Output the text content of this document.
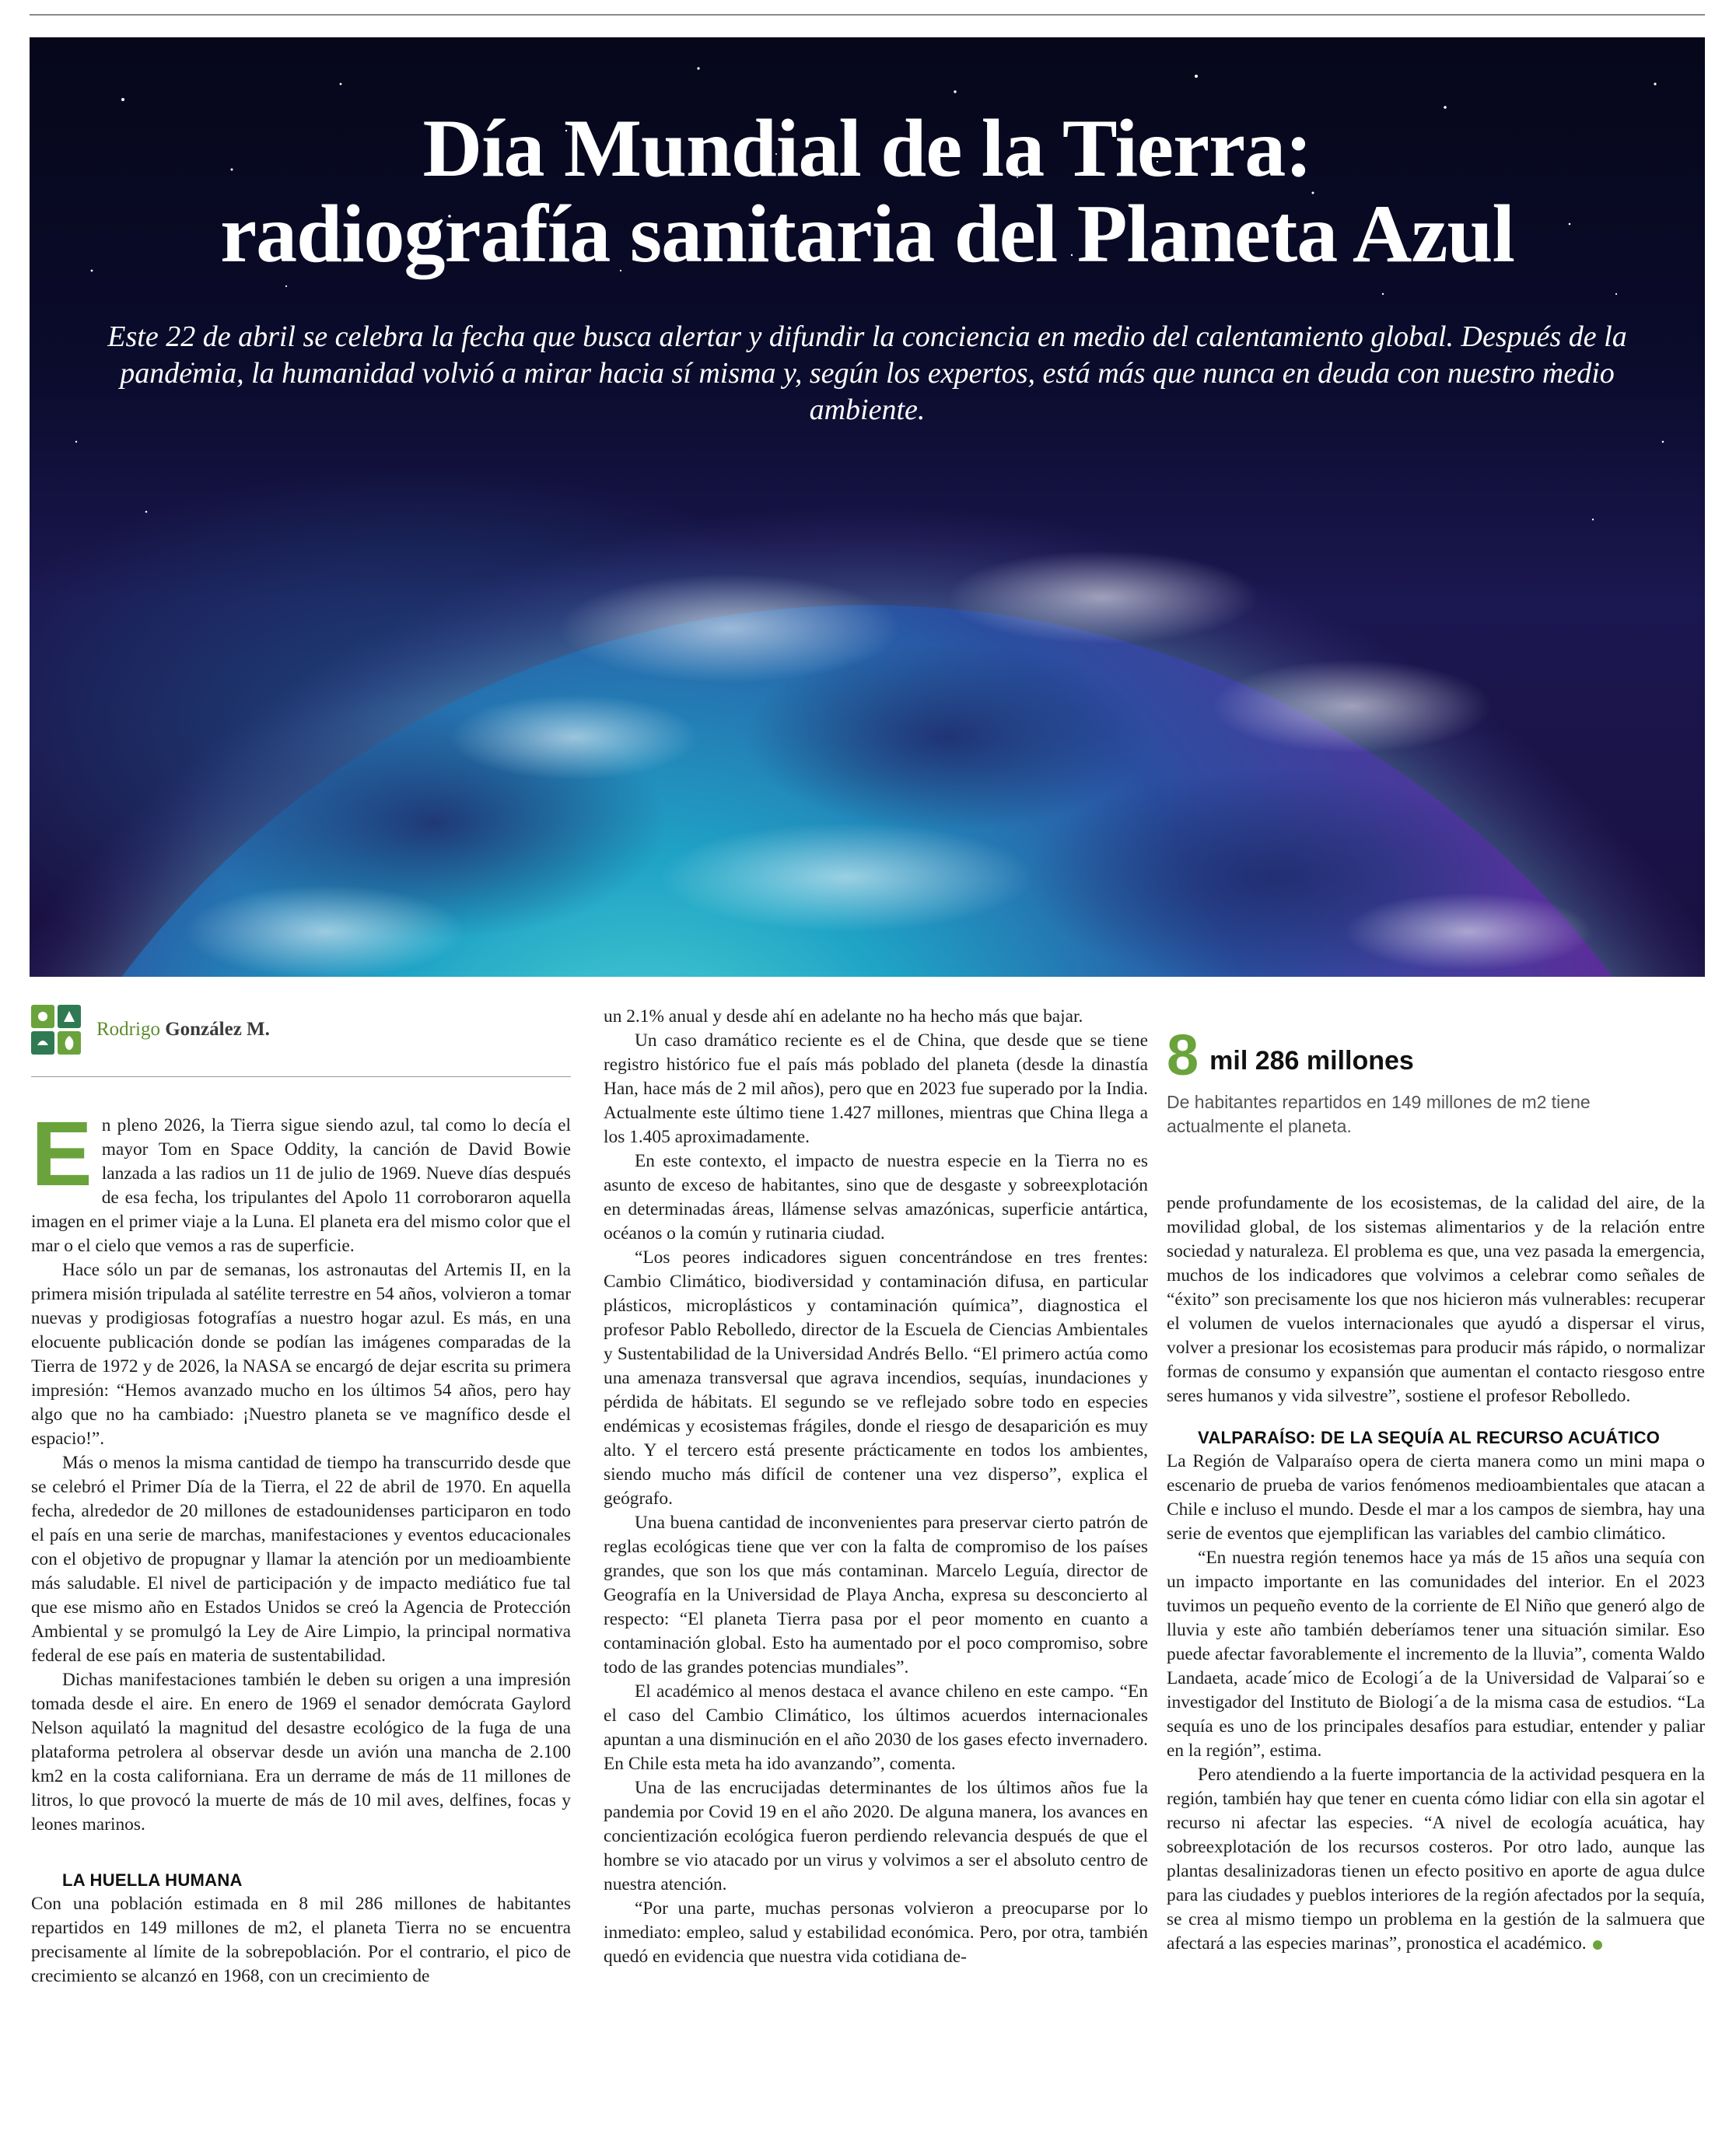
Día Mundial de la Tierra:
radiografía sanitaria del Planeta Azul
Este 22 de abril se celebra la fecha que busca alertar y difundir la conciencia en medio del calentamiento global. Después de la pandemia, la humanidad volvió a mirar hacia sí misma y, según los expertos, está más que nunca en deuda con nuestro medio ambiente.
Rodrigo González M.

En pleno 2026, la Tierra sigue siendo azul, tal como lo decía el mayor Tom en Space Oddity, la canción de David Bowie lanzada a las radios un 11 de julio de 1969. Nueve días después de esa fecha, los tripulantes del Apolo 11 corroboraron aquella imagen en el primer viaje a la Luna. El planeta era del mismo color que el mar o el cielo que vemos a ras de superficie.

Hace sólo un par de semanas, los astronautas del Artemis II, en la primera misión tripulada al satélite terrestre en 54 años, volvieron a tomar nuevas y prodigiosas fotografías a nuestro hogar azul. Es más, en una elocuente publicación donde se podían las imágenes comparadas de la Tierra de 1972 y de 2026, la NASA se encargó de dejar escrita su primera impresión: “Hemos avanzado mucho en los últimos 54 años, pero hay algo que no ha cambiado: ¡Nuestro planeta se ve magnífico desde el espacio!”.

Más o menos la misma cantidad de tiempo ha transcurrido desde que se celebró el Primer Día de la Tierra, el 22 de abril de 1970. En aquella fecha, alrededor de 20 millones de estadounidenses participaron en todo el país en una serie de marchas, manifestaciones y eventos educacionales con el objetivo de propugnar y llamar la atención por un medioambiente más saludable. El nivel de participación y de impacto mediático fue tal que ese mismo año en Estados Unidos se creó la Agencia de Protección Ambiental y se promulgó la Ley de Aire Limpio, la principal normativa federal de ese país en materia de sustentabilidad.

Dichas manifestaciones también le deben su origen a una impresión tomada desde el aire. En enero de 1969 el senador demócrata Gaylord Nelson aquilató la magnitud del desastre ecológico de la fuga de una plataforma petrolera al observar desde un avión una mancha de 2.100 km2 en la costa californiana. Era un derrame de más de 11 millones de litros, lo que provocó la muerte de más de 10 mil aves, delfines, focas y leones marinos.

LA HUELLA HUMANA

Con una población estimada en 8 mil 286 millones de habitantes repartidos en 149 millones de m2, el planeta Tierra no se encuentra precisamente al límite de la sobrepoblación. Por el contrario, el pico de crecimiento se alcanzó en 1968, con un crecimiento de

un 2.1% anual y desde ahí en adelante no ha hecho más que bajar.

Un caso dramático reciente es el de China, que desde que se tiene registro histórico fue el país más poblado del planeta (desde la dinastía Han, hace más de 2 mil años), pero que en 2023 fue superado por la India. Actualmente este último tiene 1.427 millones, mientras que China llega a los 1.405 aproximadamente.

En este contexto, el impacto de nuestra especie en la Tierra no es asunto de exceso de habitantes, sino que de desgaste y sobreexplotación en determinadas áreas, llámense selvas amazónicas, superficie antártica, océanos o la común y rutinaria ciudad.

“Los peores indicadores siguen concentrándose en tres frentes: Cambio Climático, biodiversidad y contaminación difusa, en particular plásticos, microplásticos y contaminación química”, diagnostica el profesor Pablo Rebolledo, director de la Escuela de Ciencias Ambientales y Sustentabilidad de la Universidad Andrés Bello. “El primero actúa como una amenaza transversal que agrava incendios, sequías, inundaciones y pérdida de hábitats. El segundo se ve reflejado sobre todo en especies endémicas y ecosistemas frágiles, donde el riesgo de desaparición es muy alto. Y el tercero está presente prácticamente en todos los ambientes, siendo mucho más difícil de contener una vez disperso”, explica el geógrafo.

Una buena cantidad de inconvenientes para preservar cierto patrón de reglas ecológicas tiene que ver con la falta de compromiso de los países grandes, que son los que más contaminan. Marcelo Leguía, director de Geografía en la Universidad de Playa Ancha, expresa su desconcierto al respecto: “El planeta Tierra pasa por el peor momento en cuanto a contaminación global. Esto ha aumentado por el poco compromiso, sobre todo de las grandes potencias mundiales”.

El académico al menos destaca el avance chileno en este campo. “En el caso del Cambio Climático, los últimos acuerdos internacionales apuntan a una disminución en el año 2030 de los gases efecto invernadero. En Chile esta meta ha ido avanzando”, comenta.

Una de las encrucijadas determinantes de los últimos años fue la pandemia por Covid 19 en el año 2020. De alguna manera, los avances en concientización ecológica fueron perdiendo relevancia después de que el hombre se vio atacado por un virus y volvimos a ser el absoluto centro de nuestra atención.

“Por una parte, muchas personas volvieron a preocuparse por lo inmediato: empleo, salud y estabilidad económica. Pero, por otra, también quedó en evidencia que nuestra vida cotidiana de-

8 mil 286 millones
De habitantes repartidos en 149 millones de m2 tiene actualmente el planeta.

pende profundamente de los ecosistemas, de la calidad del aire, de la movilidad global, de los sistemas alimentarios y de la relación entre sociedad y naturaleza. El problema es que, una vez pasada la emergencia, muchos de los indicadores que volvimos a celebrar como señales de “éxito” son precisamente los que nos hicieron más vulnerables: recuperar el volumen de vuelos internacionales que ayudó a dispersar el virus, volver a presionar los ecosistemas para producir más rápido, o normalizar formas de consumo y expansión que aumentan el contacto riesgoso entre seres humanos y vida silvestre”, sostiene el profesor Rebolledo.

VALPARAÍSO: DE LA SEQUÍA AL RECURSO ACUÁTICO

La Región de Valparaíso opera de cierta manera como un mini mapa o escenario de prueba de varios fenómenos medioambientales que atacan a Chile e incluso el mundo. Desde el mar a los campos de siembra, hay una serie de eventos que ejemplifican las variables del cambio climático.

“En nuestra región tenemos hace ya más de 15 años una sequía con un impacto importante en las comunidades del interior. En el 2023 tuvimos un pequeño evento de la corriente de El Niño que generó algo de lluvia y este año también deberíamos tener una situación similar. Eso puede afectar favorablemente el incremento de la lluvia”, comenta Waldo Landaeta, acade´mico de Ecologi´a de la Universidad de Valparai´so e investigador del Instituto de Biologi´a de la misma casa de estudios. “La sequía es uno de los principales desafíos para estudiar, entender y paliar en la región”, estima.

Pero atendiendo a la fuerte importancia de la actividad pesquera en la región, también hay que tener en cuenta cómo lidiar con ella sin agotar el recurso ni afectar las especies. “A nivel de ecología acuática, hay sobreexplotación de los recursos costeros. Por otro lado, aunque las plantas desalinizadoras tienen un efecto positivo en aporte de agua dulce para las ciudades y pueblos interiores de la región afectados por la sequía, se crea al mismo tiempo un problema en la gestión de la salmuera que afectará a las especies marinas”, pronostica el académico.
